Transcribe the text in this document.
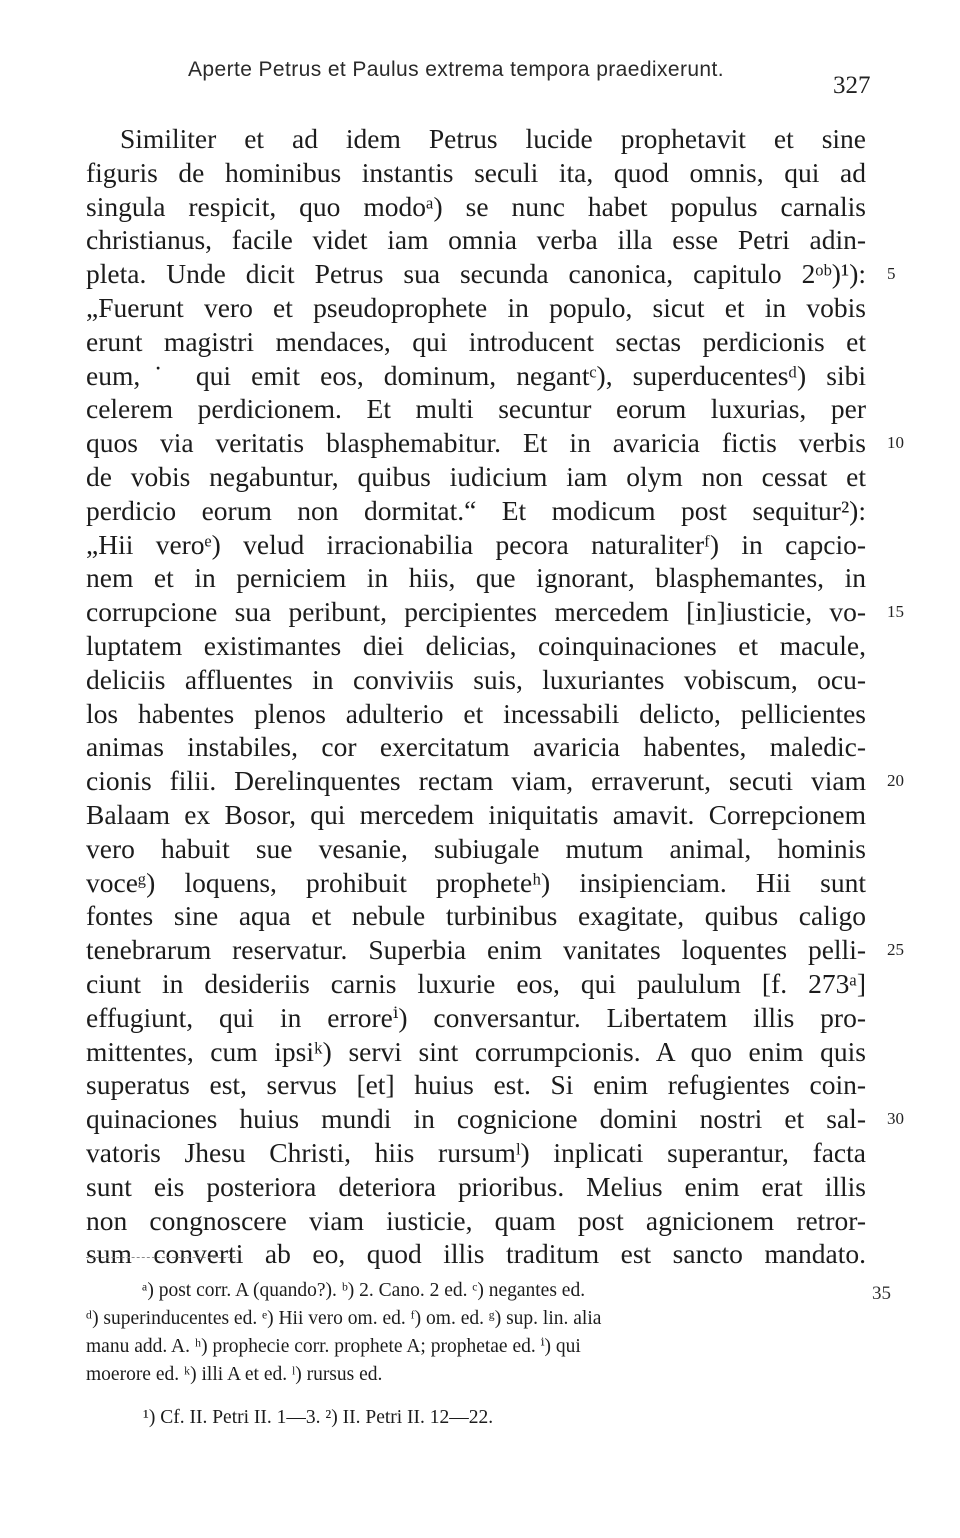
Aperte Petrus et Paulus extrema tempora praedixerunt.
327
Similiter et ad idem Petrus lucide prophetavit et sine
figuris de hominibus instantis seculi ita, quod omnis, qui ad
singula respicit, quo modoᵃ) se nunc habet populus carnalis
christianus, facile videt iam omnia verba illa esse Petri adin-
pleta. Unde dicit Petrus sua secunda canonica, capitulo 2ᵒᵇ)¹):
„Fuerunt vero et pseudoprophete in populo, sicut et in vobis
erunt magistri mendaces, qui introducent sectas perdicionis et
eum,˙ qui emit eos, dominum, negantᶜ), superducentesᵈ) sibi
celerem perdicionem. Et multi secuntur eorum luxurias, per
quos via veritatis blasphemabitur. Et in avaricia fictis verbis
de vobis negabuntur, quibus iudicium iam olym non cessat et
perdicio eorum non dormitat.“ Et modicum post sequitur²):
„Hii veroᵉ) velud irracionabilia pecora naturaliterᶠ) in capcio-
nem et in perniciem in hiis, que ignorant, blasphemantes, in
corrupcione sua peribunt, percipientes mercedem [in]iusticie, vo-
luptatem existimantes diei delicias, coinquinaciones et macule,
deliciis affluentes in conviviis suis, luxuriantes vobiscum, ocu-
los habentes plenos adulterio et incessabili delicto, pellicientes
animas instabiles, cor exercitatum avaricia habentes, maledic-
cionis filii. Derelinquentes rectam viam, erraverunt, secuti viam
Balaam ex Bosor, qui mercedem iniquitatis amavit. Correpcionem
vero habuit sue vesanie, subiugale mutum animal, hominis
voceᵍ) loquens, prohibuit propheteʰ) insipienciam. Hii sunt
fontes sine aqua et nebule turbinibus exagitate, quibus caligo
tenebrarum reservatur. Superbia enim vanitates loquentes pelli-
ciunt in desideriis carnis luxurie eos, qui paululum [f. 273ᵃ]
effugiunt, qui in erroreⁱ) conversantur. Libertatem illis pro-
mittentes, cum ipsiᵏ) servi sint corrumpcionis. A quo enim quis
superatus est, servus [et] huius est. Si enim refugientes coin-
quinaciones huius mundi in cognicione domini nostri et sal-
vatoris Jhesu Christi, hiis rursumˡ) inplicati superantur, facta
sunt eis posteriora deteriora prioribus. Melius enim erat illis
non congnoscere viam iusticie, quam post agnicionem retror-
sum converti ab eo, quod illis traditum est sancto mandato.
5
10
15
20
25
30
ᵃ) post corr. A (quando?). ᵇ) 2. Cano. 2 ed. ᶜ) negantes ed.
ᵈ) superinducentes ed. ᵉ) Hii vero om. ed. ᶠ) om. ed. ᵍ) sup. lin. alia
manu add. A. ʰ) prophecie corr. prophete A; prophetae ed. ⁱ) qui
moerore ed. ᵏ) illi A et ed. ˡ) rursus ed.
35
¹) Cf. II. Petri II. 1—3. ²) II. Petri II. 12—22.
